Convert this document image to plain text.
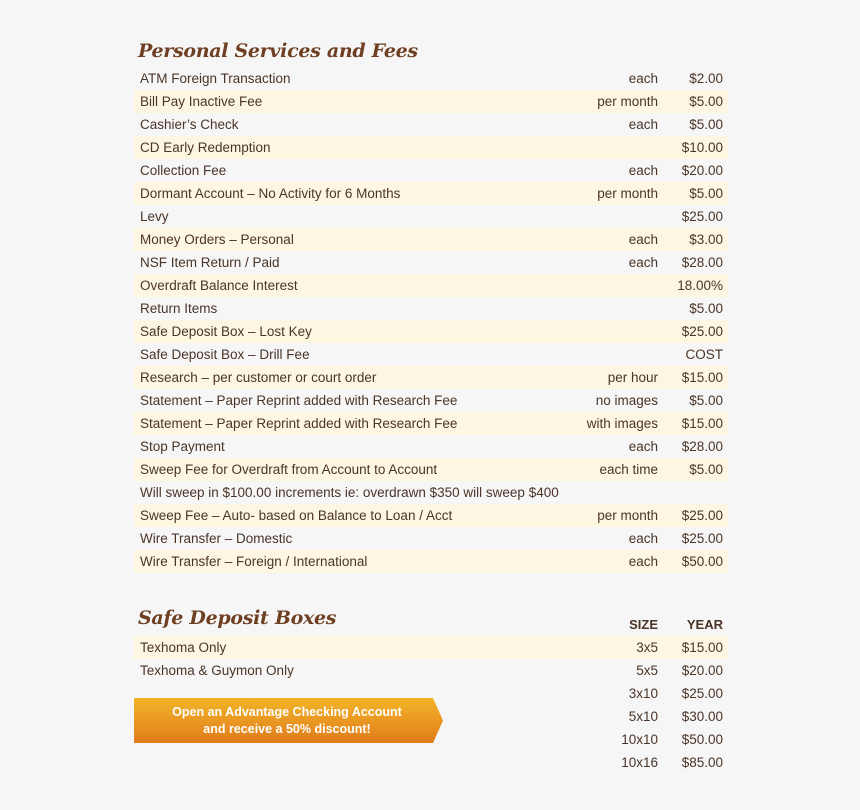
Personal Services and Fees
ATM Foreign Transaction	each $2.00
Bill Pay Inactive Fee	per month $5.00
Cashier’s Check	each $5.00
CD Early Redemption	$10.00
Collection Fee	each $20.00
Dormant Account – No Activity for 6 Months	per month $5.00
Levy	$25.00
Money Orders – Personal	each $3.00
NSF Item Return / Paid	each $28.00
Overdraft Balance Interest	18.00%
Return Items	$5.00
Safe Deposit Box – Lost Key	$25.00
Safe Deposit Box – Drill Fee	COST
Research – per customer or court order	per hour $15.00
Statement – Paper Reprint added with Research Fee	no images $5.00
Statement – Paper Reprint added with Research Fee	with images $15.00
Stop Payment	each $28.00
Sweep Fee for Overdraft from Account to Account	each time $5.00
Will sweep in $100.00 increments ie: overdrawn $350 will sweep $400
Sweep Fee – Auto- based on Balance to Loan / Acct	per month $25.00
Wire Transfer – Domestic	each $25.00
Wire Transfer – Foreign / International	each $50.00
Safe Deposit Boxes	SIZE YEAR
Texhoma Only	3x5 $15.00
Texhoma & Guymon Only	5x5 $20.00
3x10 $25.00
5x10 $30.00
10x10 $50.00
10x16 $85.00
Open an Advantage Checking Account
and receive a 50% discount!
